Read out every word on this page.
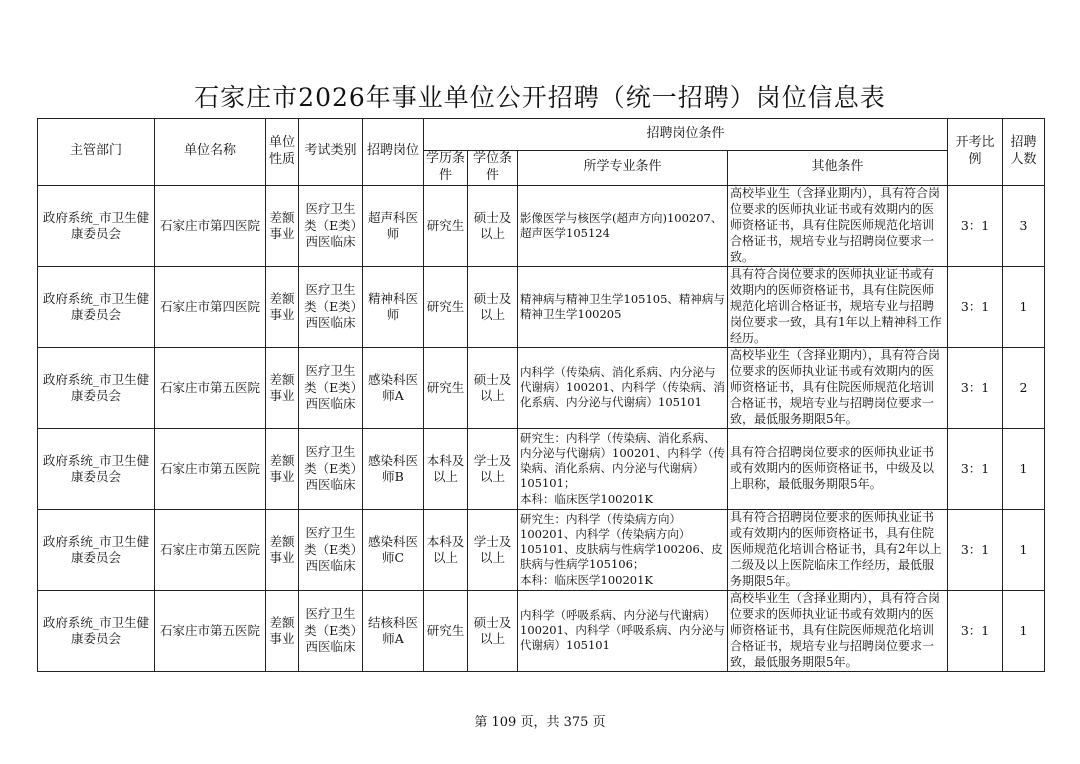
石家庄市2026年事业单位公开招聘（统一招聘）岗位信息表
主管部门	单位名称	单位性质	考试类别	招聘岗位	招聘岗位条件				开考比例	招聘人数
					学历条件	学位条件	所学专业条件	其他条件		
政府系统_市卫生健康委员会	石家庄市第四医院	差额事业	医疗卫生类（E类）西医临床	超声科医师	研究生	硕士及以上	影像医学与核医学(超声方向)100207、超声医学105124	高校毕业生（含择业期内），具有符合岗位要求的医师执业证书或有效期内的医师资格证书，具有住院医师规范化培训合格证书，规培专业与招聘岗位要求一致。	3：1	3
政府系统_市卫生健康委员会	石家庄市第四医院	差额事业	医疗卫生类（E类）西医临床	精神科医师	研究生	硕士及以上	精神病与精神卫生学105105、精神病与精神卫生学100205	具有符合岗位要求的医师执业证书或有效期内的医师资格证书，具有住院医师规范化培训合格证书，规培专业与招聘岗位要求一致，具有1年以上精神科工作经历。	3：1	1
政府系统_市卫生健康委员会	石家庄市第五医院	差额事业	医疗卫生类（E类）西医临床	感染科医师A	研究生	硕士及以上	内科学（传染病、消化系病、内分泌与代谢病）100201、内科学（传染病、消化系病、内分泌与代谢病）105101	高校毕业生（含择业期内），具有符合岗位要求的医师执业证书或有效期内的医师资格证书，具有住院医师规范化培训合格证书，规培专业与招聘岗位要求一致，最低服务期限5年。	3：1	2
政府系统_市卫生健康委员会	石家庄市第五医院	差额事业	医疗卫生类（E类）西医临床	感染科医师B	本科及以上	学士及以上	研究生：内科学（传染病、消化系病、内分泌与代谢病）100201、内科学（传染病、消化系病、内分泌与代谢病）105101；
本科：临床医学100201K	具有符合招聘岗位要求的医师执业证书或有效期内的医师资格证书，中级及以上职称，最低服务期限5年。	3：1	1
政府系统_市卫生健康委员会	石家庄市第五医院	差额事业	医疗卫生类（E类）西医临床	感染科医师C	本科及以上	学士及以上	研究生：内科学（传染病方向）100201、内科学（传染病方向）105101、皮肤病与性病学100206、皮肤病与性病学105106；
本科：临床医学100201K	具有符合招聘岗位要求的医师执业证书或有效期内的医师资格证书，具有住院医师规范化培训合格证书，具有2年以上二级及以上医院临床工作经历，最低服务期限5年。	3：1	1
政府系统_市卫生健康委员会	石家庄市第五医院	差额事业	医疗卫生类（E类）西医临床	结核科医师A	研究生	硕士及以上	内科学（呼吸系病、内分泌与代谢病）100201、内科学（呼吸系病、内分泌与代谢病）105101	高校毕业生（含择业期内），具有符合岗位要求的医师执业证书或有效期内的医师资格证书，具有住院医师规范化培训合格证书，规培专业与招聘岗位要求一致，最低服务期限5年。	3：1	1
第 109 页，共 375 页
